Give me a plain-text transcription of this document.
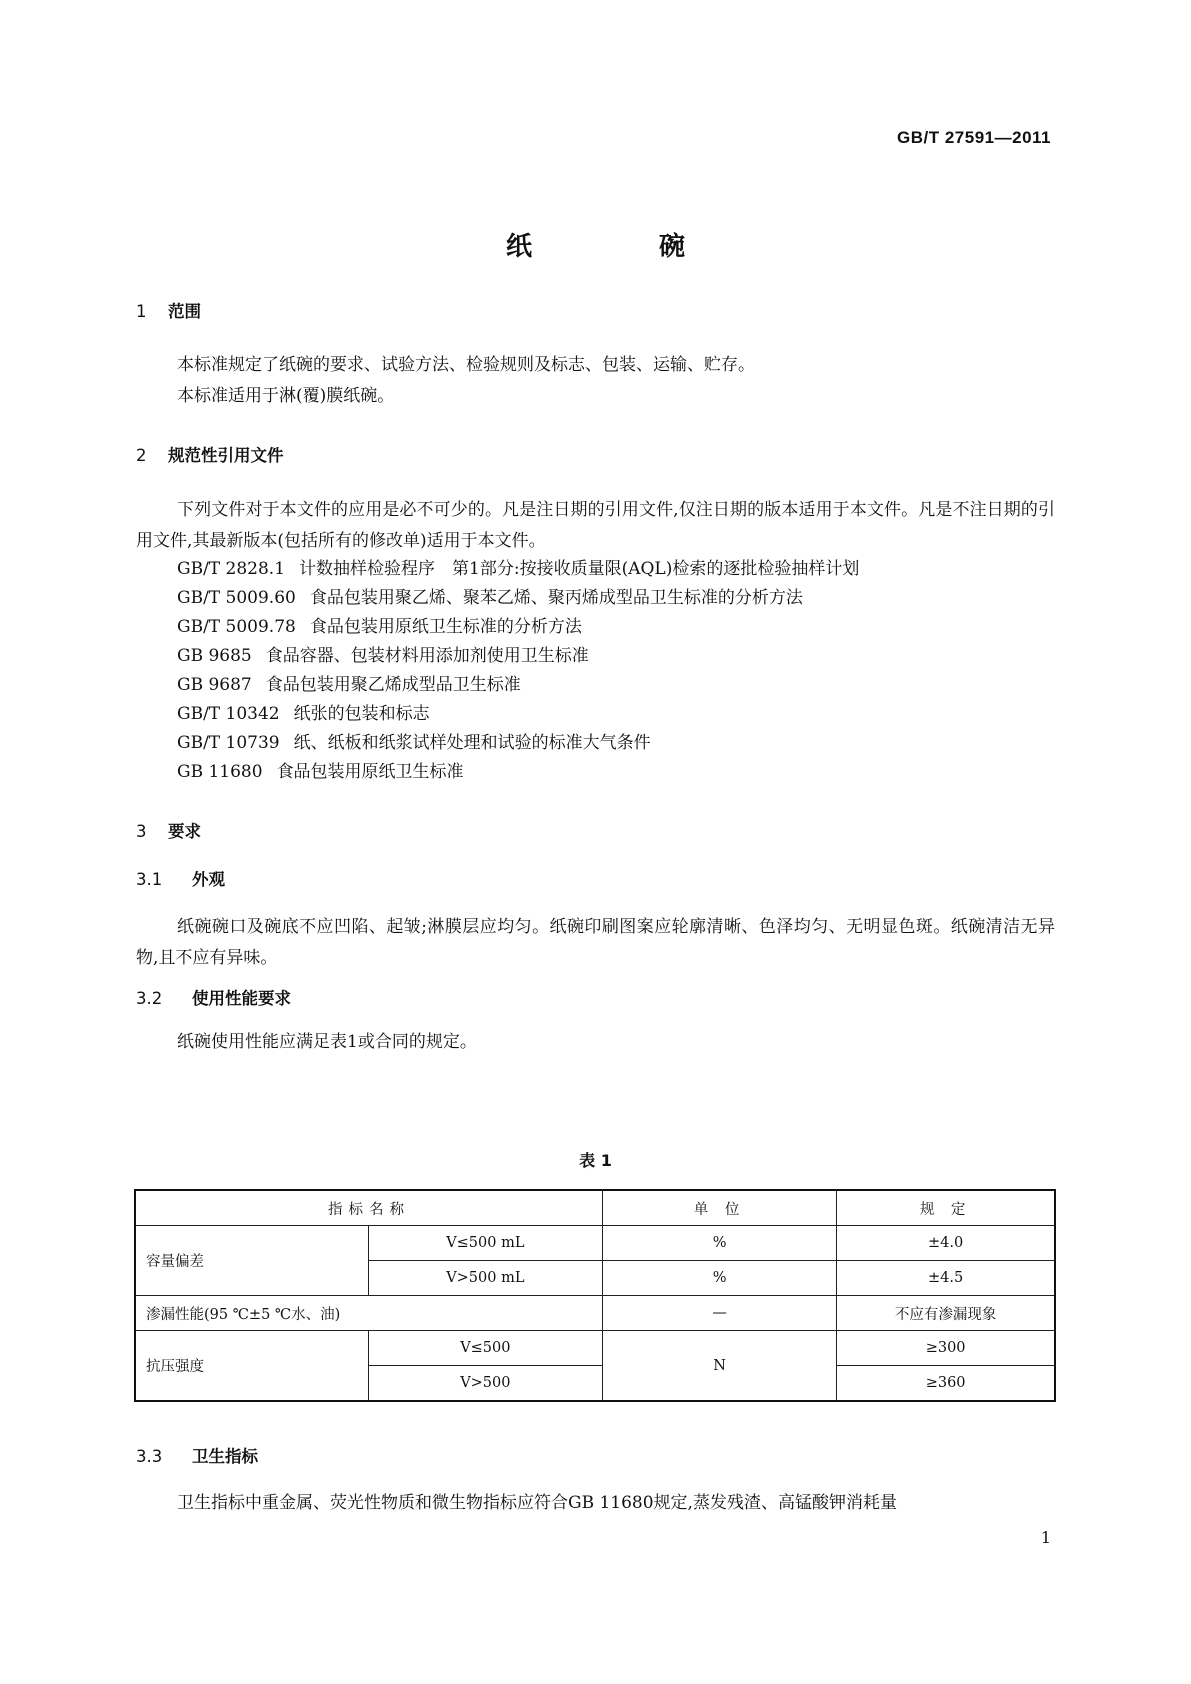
GB/T 27591—2011
纸 碗
1 范围
本标准规定了纸碗的要求、试验方法、检验规则及标志、包装、运输、贮存。
本标准适用于淋(覆)膜纸碗。
2 规范性引用文件
下列文件对于本文件的应用是必不可少的。凡是注日期的引用文件,仅注日期的版本适用于本文件。凡是不注日期的引用文件,其最新版本(包括所有的修改单)适用于本文件。
GB/T 2828.1 计数抽样检验程序　第1部分:按接收质量限(AQL)检索的逐批检验抽样计划
GB/T 5009.60 食品包装用聚乙烯、聚苯乙烯、聚丙烯成型品卫生标准的分析方法
GB/T 5009.78 食品包装用原纸卫生标准的分析方法
GB 9685 食品容器、包装材料用添加剂使用卫生标准
GB 9687 食品包装用聚乙烯成型品卫生标准
GB/T 10342 纸张的包装和标志
GB/T 10739 纸、纸板和纸浆试样处理和试验的标准大气条件
GB 11680 食品包装用原纸卫生标准
3 要求
3.1 外观
纸碗碗口及碗底不应凹陷、起皱;淋膜层应均匀。纸碗印刷图案应轮廓清晰、色泽均匀、无明显色斑。纸碗清洁无异物,且不应有异味。
3.2 使用性能要求
纸碗使用性能应满足表1或合同的规定。
表 1
指标名称		单 位	规 定
容量偏差	V≤500 mL	%	±4.0
	V>500 mL	%	±4.5
渗漏性能(95 ℃±5 ℃水、油)		—	不应有渗漏现象
抗压强度	V≤500	N	≥300
	V>500		≥360
3.3 卫生指标
卫生指标中重金属、荧光性物质和微生物指标应符合GB 11680规定,蒸发残渣、高锰酸钾消耗量
1
